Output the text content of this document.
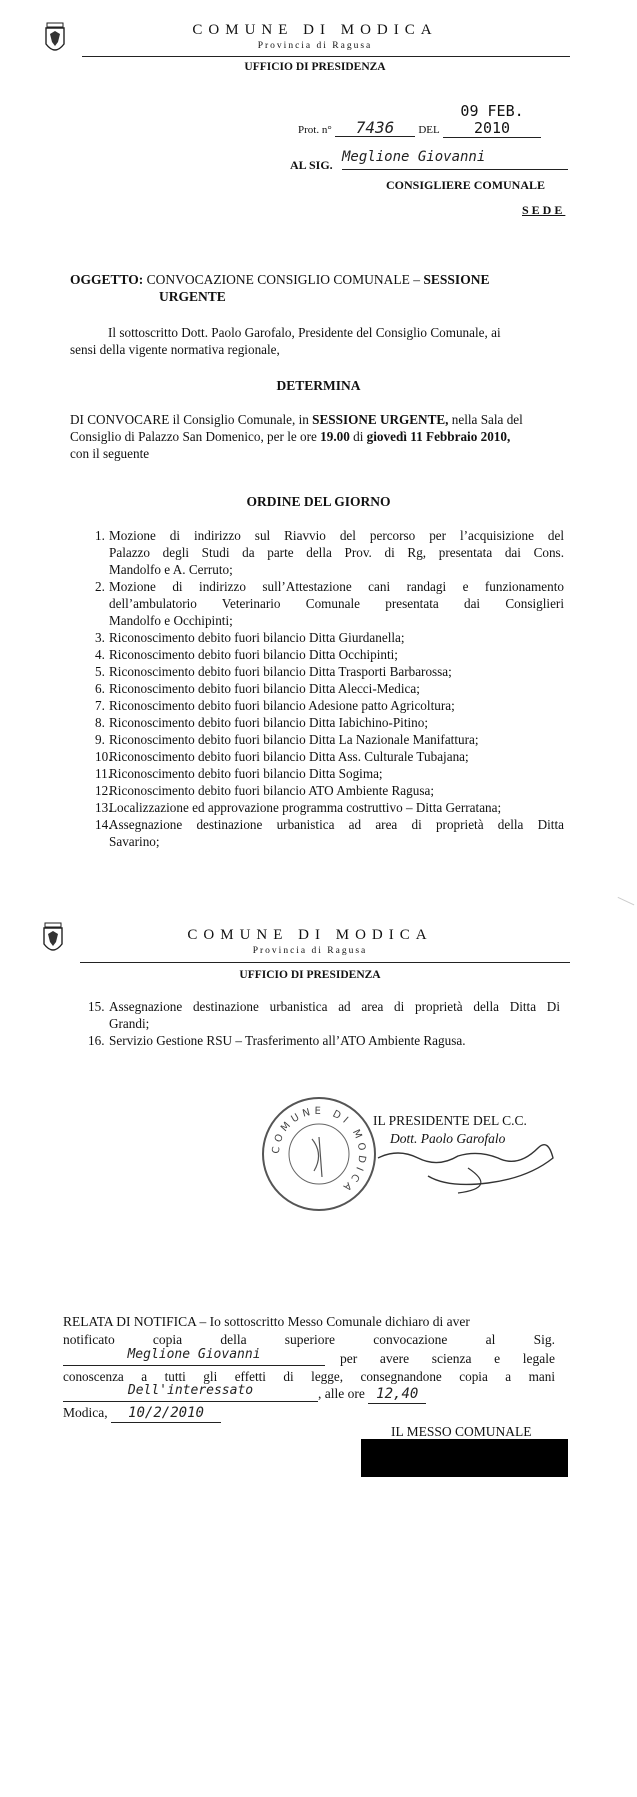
COMUNE DI MODICA
Provincia di Ragusa
UFFICIO DI PRESIDENZA
Prot. n° 7436 DEL 09 FEB. 2010
AL SIG. Meglione Giovanni
CONSIGLIERE COMUNALE
SEDE
OGGETTO: CONVOCAZIONE CONSIGLIO COMUNALE – SESSIONE
URGENTE
Il sottoscritto Dott. Paolo Garofalo, Presidente del Consiglio Comunale, ai
sensi della vigente normativa regionale,
DETERMINA
DI CONVOCARE il Consiglio Comunale, in SESSIONE URGENTE, nella Sala del
Consiglio di Palazzo San Domenico, per le ore 19.00 di giovedì 11 Febbraio 2010,
con il seguente
ORDINE DEL GIORNO
1. Mozione di indirizzo sul Riavvio del percorso per l’acquisizione del
Palazzo degli Studi da parte della Prov. di Rg, presentata dai Cons.
Mandolfo e A. Cerruto;
2. Mozione di indirizzo sull’Attestazione cani randagi e funzionamento
dell’ambulatorio Veterinario Comunale presentata dai Consiglieri
Mandolfo e Occhipinti;
3. Riconoscimento debito fuori bilancio Ditta Giurdanella;
4. Riconoscimento debito fuori bilancio Ditta Occhipinti;
5. Riconoscimento debito fuori bilancio Ditta Trasporti Barbarossa;
6. Riconoscimento debito fuori bilancio Ditta Alecci-Medica;
7. Riconoscimento debito fuori bilancio Adesione patto Agricoltura;
8. Riconoscimento debito fuori bilancio Ditta Iabichino-Pitino;
9. Riconoscimento debito fuori bilancio Ditta La Nazionale Manifattura;
10.
Riconoscimento debito fuori bilancio Ditta Ass. Culturale Tubajana;
11.
Riconoscimento debito fuori bilancio Ditta Sogima;
12.
Riconoscimento debito fuori bilancio ATO Ambiente Ragusa;
13.
Localizzazione ed approvazione programma costruttivo – Ditta Gerratana;
14.
Assegnazione destinazione urbanistica ad area di proprietà della Ditta
Savarino;
COMUNE DI MODICA
Provincia di Ragusa
UFFICIO DI PRESIDENZA
15. Assegnazione destinazione urbanistica ad area di proprietà della Ditta Di
Grandi;
16. Servizio Gestione RSU – Trasferimento all’ATO Ambiente Ragusa.
COMUNE DI MODICA
IL PRESIDENTE DEL C.C.
Dott. Paolo Garofalo
RELATA DI NOTIFICA – Io sottoscritto Messo Comunale dichiaro di aver
notificato	copia	della	superiore	convocazione	al	Sig.
Meglione Giovanni	per avere scienza e legale
conoscenza a tutti gli effetti di legge, consegnandone copia a mani
Dell'interessato	, alle ore 12,40
Modica, 10/2/2010
IL MESSO COMUNALE
